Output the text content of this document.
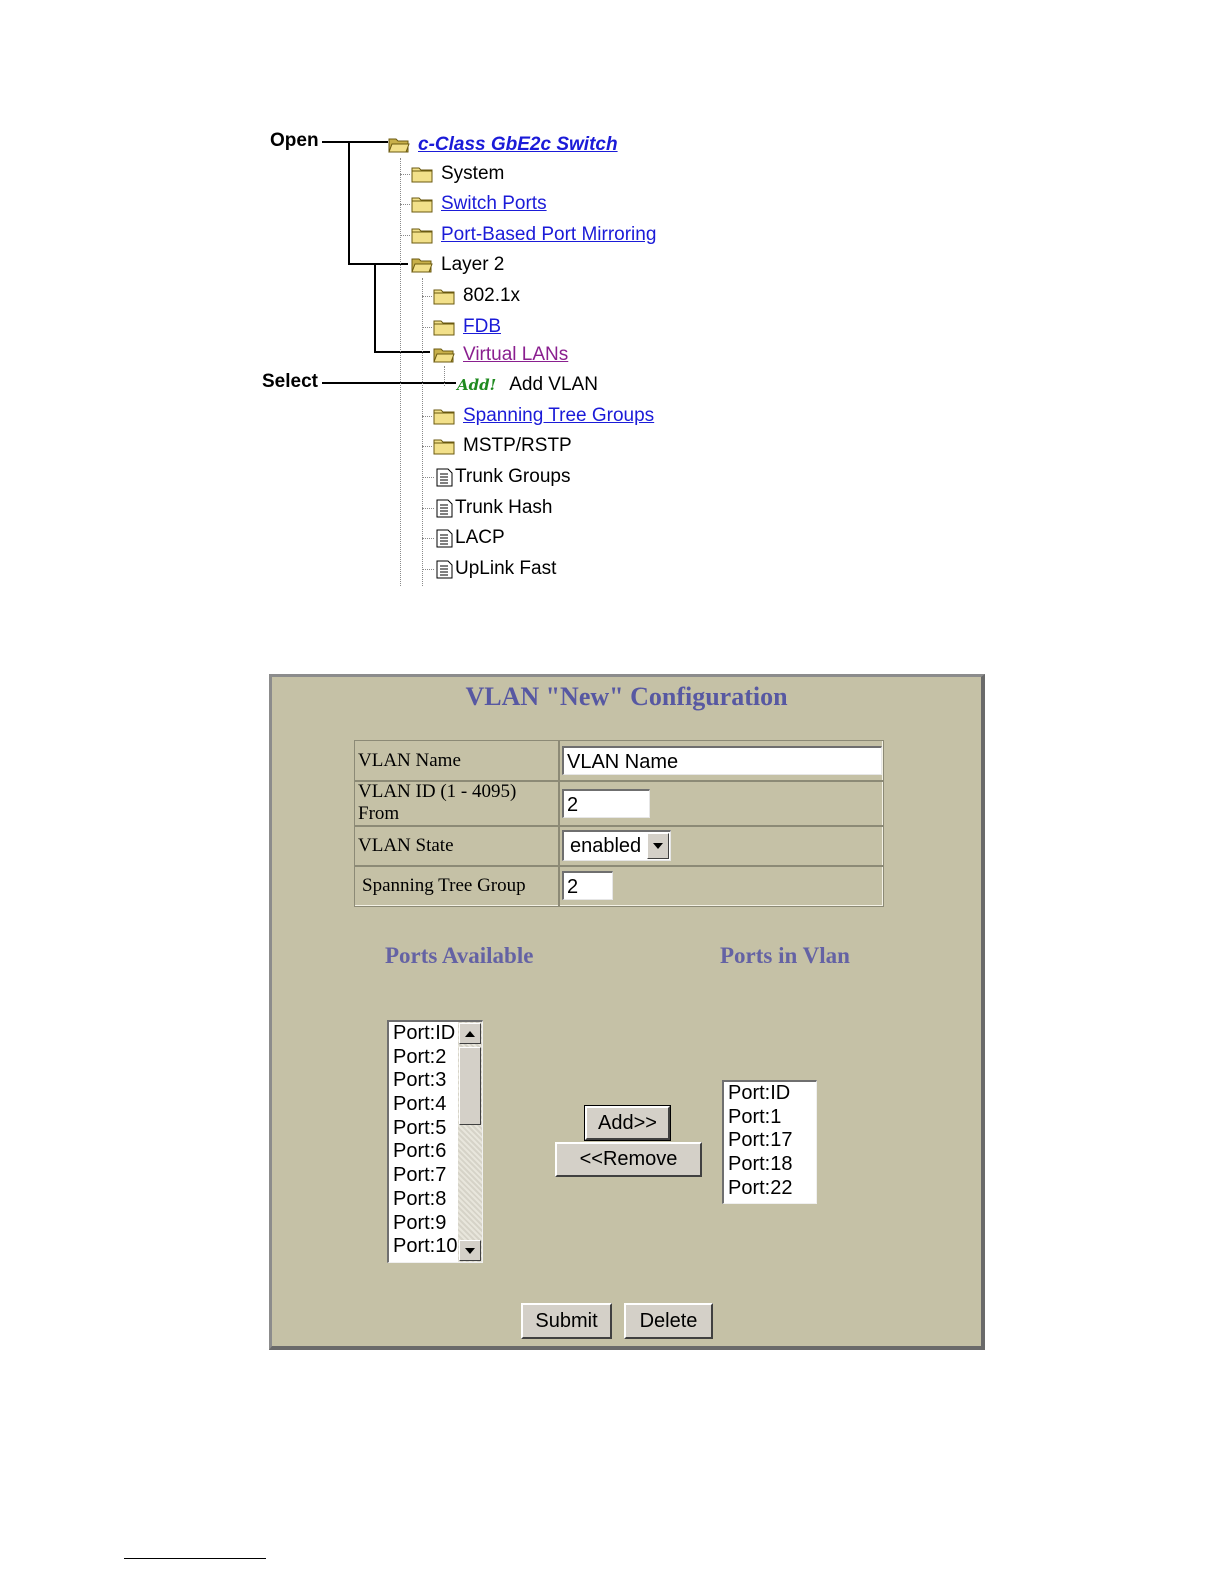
Open
Select
c-Class GbE2c Switch
System
Switch Ports
Port-Based Port Mirroring
Layer 2
802.1x
FDB
Virtual LANs
Add! Add VLAN
Spanning Tree Groups
MSTP/RSTP
Trunk Groups
Trunk Hash
LACP
UpLink Fast
VLAN "New" Configuration
VLAN Name	VLAN Name

VLAN ID (1 - 4095) From	2

VLAN State	enabled

Spanning Tree Group	2
Ports Available	Ports in Vlan
Port:ID
Port:2
Port:3
Port:4
Port:5
Port:6
Port:7
Port:8
Port:9
Port:10
Add>>
<<Remove
Port:ID
Port:1
Port:17
Port:18
Port:22
Submit	Delete
